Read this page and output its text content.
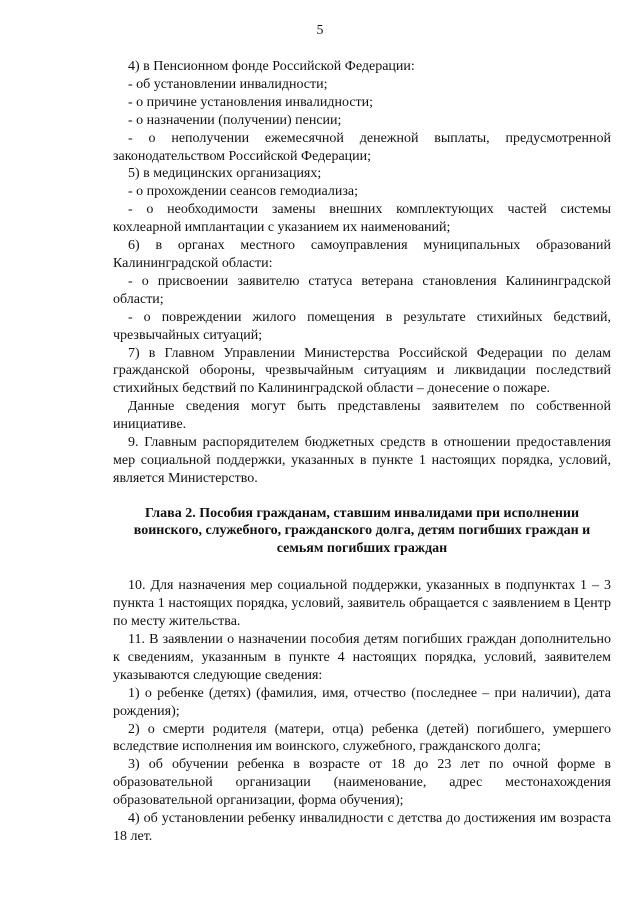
5

4) в Пенсионном фонде Российской Федерации:

- об установлении инвалидности;

- о причине установления инвалидности;

- о назначении (получении) пенсии;

- о неполучении ежемесячной денежной выплаты, предусмотренной законодательством Российской Федерации;

5) в медицинских организациях;

- о прохождении сеансов гемодиализа;

- о необходимости замены внешних комплектующих частей системы кохлеарной имплантации с указанием их наименований;

6) в органах местного самоуправления муниципальных образований Калининградской области:

- о присвоении заявителю статуса ветерана становления Калининградской области;

- о повреждении жилого помещения в результате стихийных бедствий, чрезвычайных ситуаций;

7) в Главном Управлении Министерства Российской Федерации по делам гражданской обороны, чрезвычайным ситуациям и ликвидации последствий стихийных бедствий по Калининградской области – донесение о пожаре.

Данные сведения могут быть представлены заявителем по собственной инициативе.

9. Главным распорядителем бюджетных средств в отношении предоставления мер социальной поддержки, указанных в пункте 1 настоящих порядка, условий, является Министерство.

Глава 2. Пособия гражданам, ставшим инвалидами при исполнении воинского, служебного, гражданского долга, детям погибших граждан и семьям погибших граждан

10. Для назначения мер социальной поддержки, указанных в подпунктах 1 – 3 пункта 1 настоящих порядка, условий, заявитель обращается с заявлением в Центр по месту жительства.

11. В заявлении о назначении пособия детям погибших граждан дополнительно к сведениям, указанным в пункте 4 настоящих порядка, условий, заявителем указываются следующие сведения:

1) о ребенке (детях) (фамилия, имя, отчество (последнее – при наличии), дата рождения);

2) о смерти родителя (матери, отца) ребенка (детей) погибшего, умершего вследствие исполнения им воинского, служебного, гражданского долга;

3) об обучении ребенка в возрасте от 18 до 23 лет по очной форме в образовательной организации (наименование, адрес местонахождения образовательной организации, форма обучения);

4) об установлении ребенку инвалидности с детства до достижения им возраста 18 лет.
